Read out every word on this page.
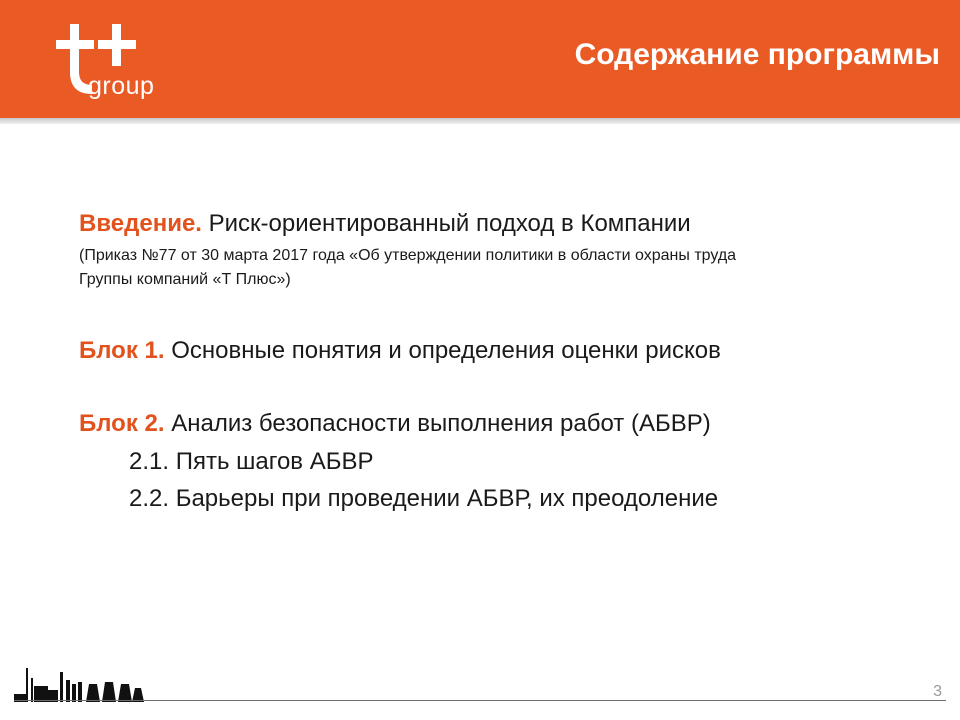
group
Содержание программы
Введение. Риск-ориентированный подход в Компании
(Приказ №77 от 30 марта 2017 года «Об утверждении политики в области охраны труда
Группы компаний «Т Плюс»)
Блок 1. Основные понятия и определения оценки рисков
Блок 2. Анализ безопасности выполнения работ (АБВР)
2.1. Пять шагов АБВР
2.2. Барьеры при проведении АБВР, их преодоление
3
